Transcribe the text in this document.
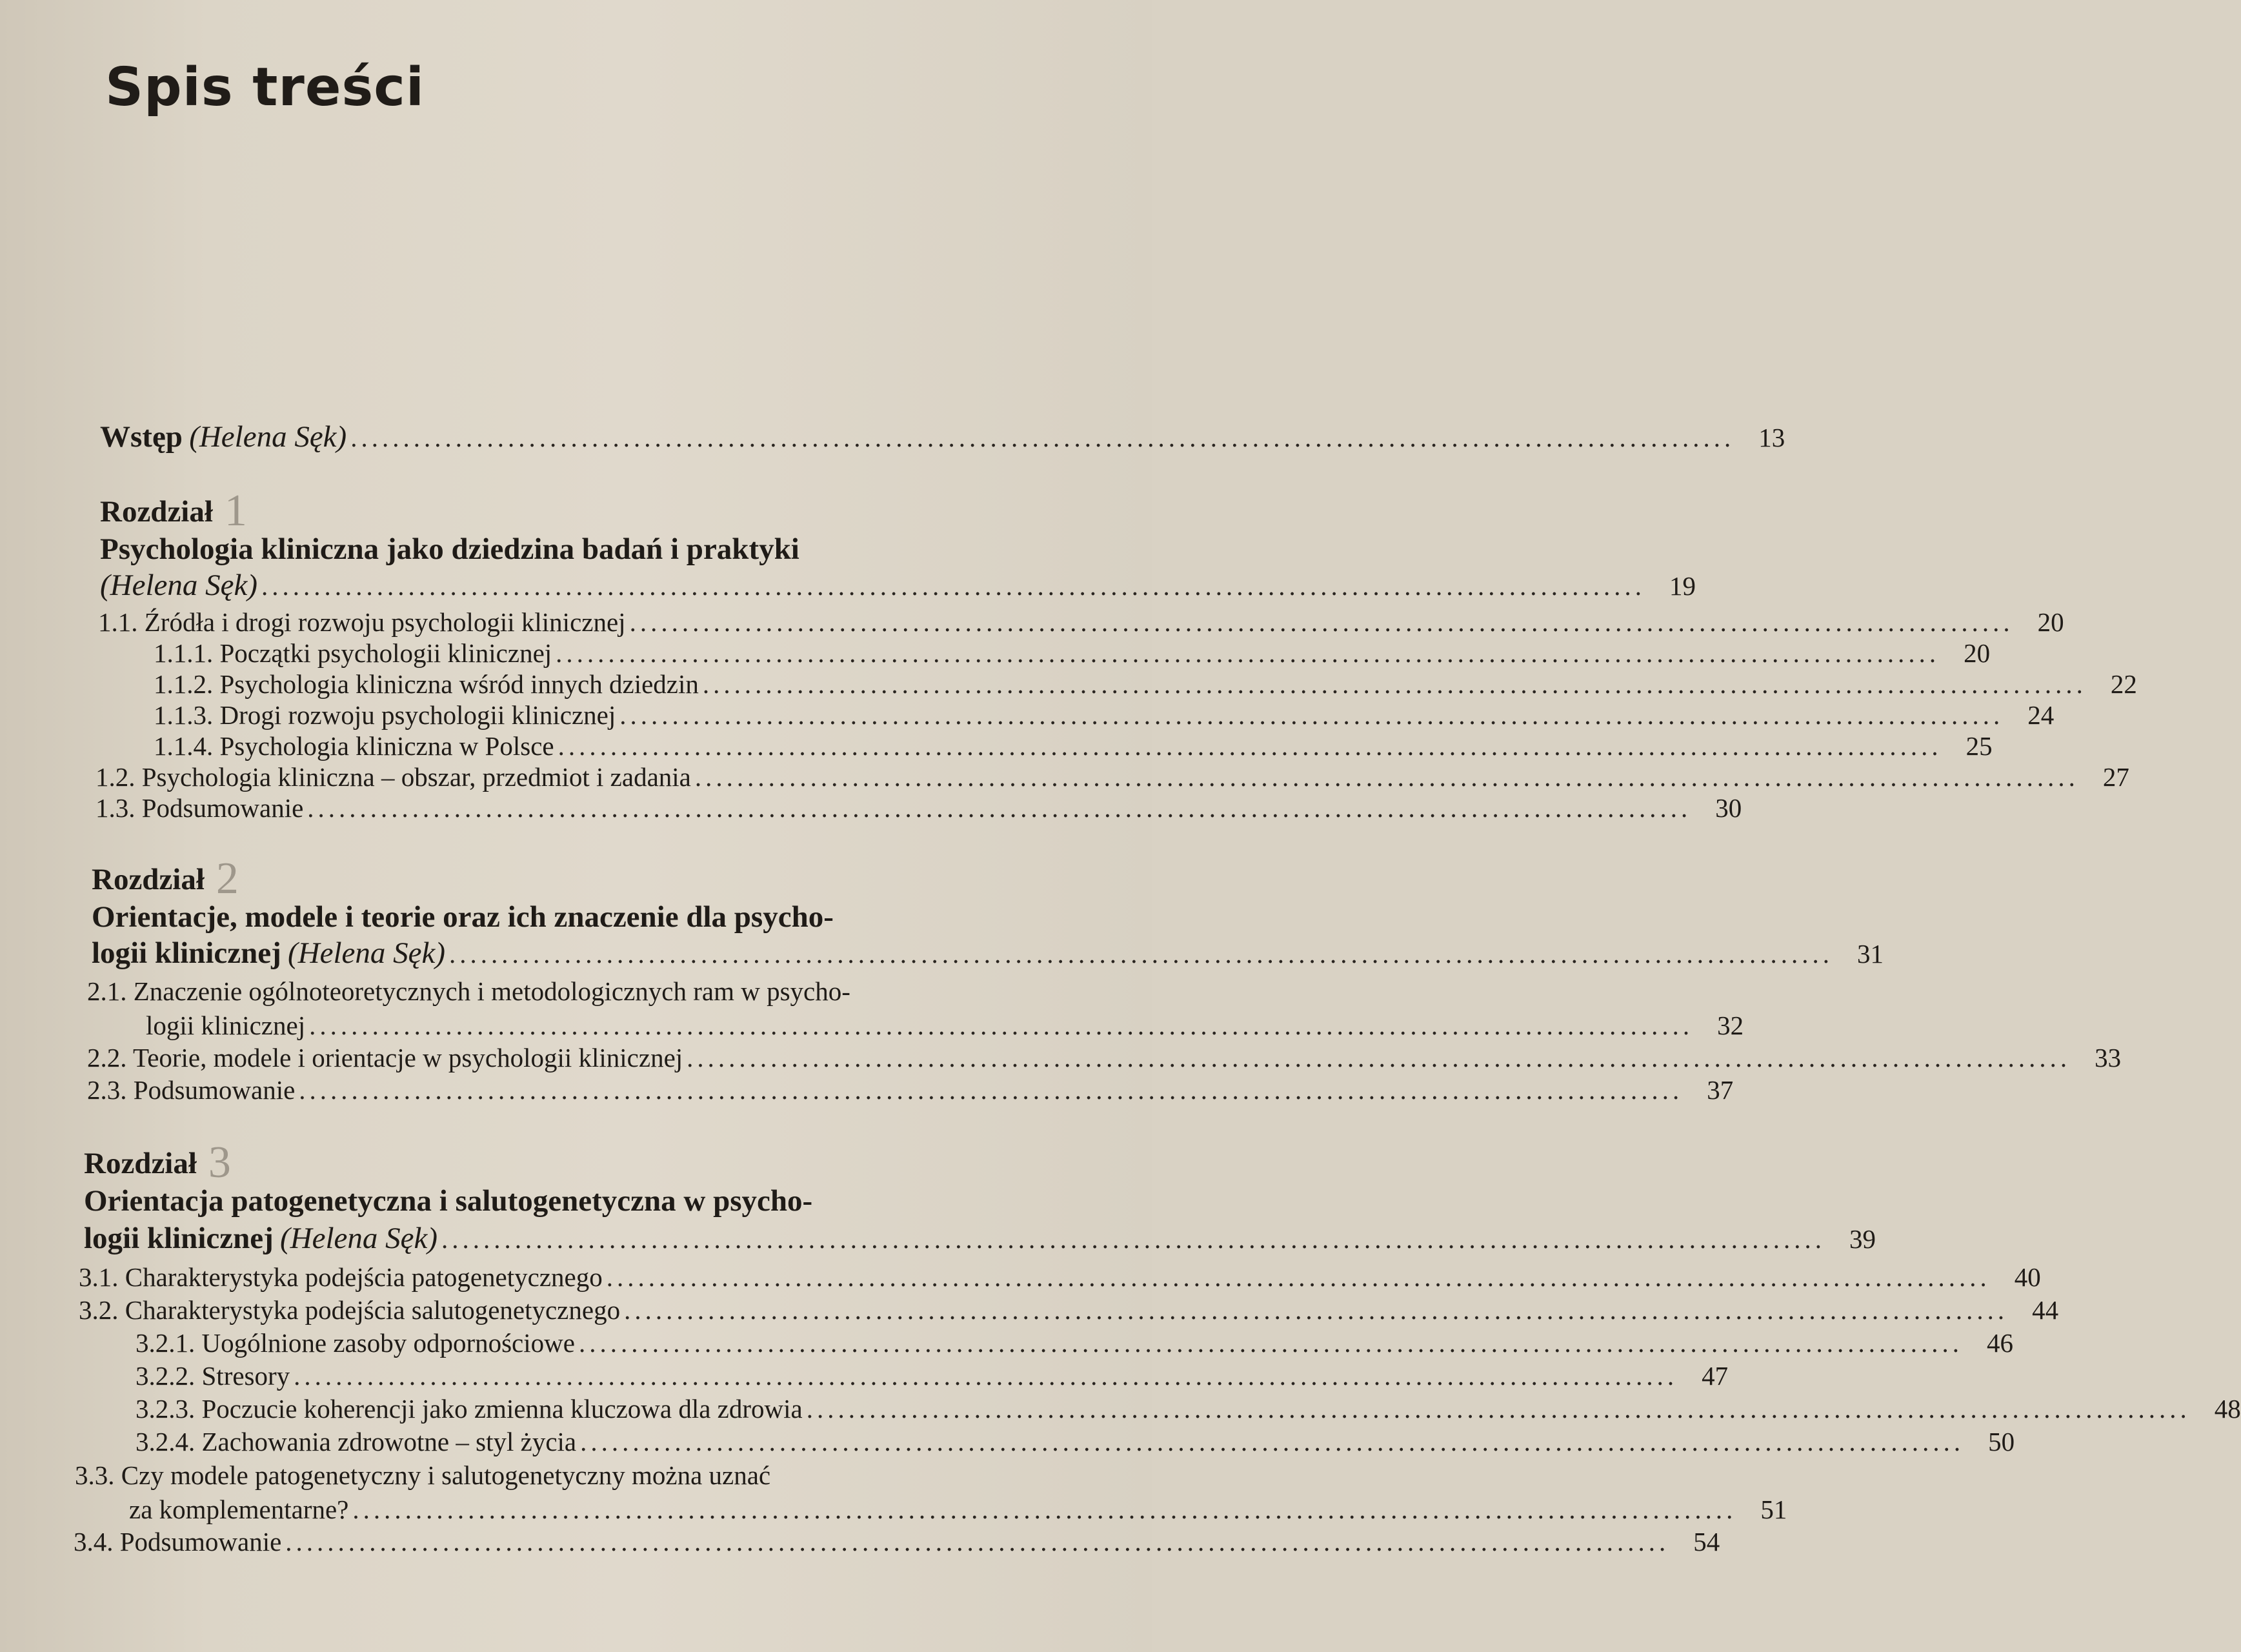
Spis treści
Wstęp (Helena Sęk) .................................................................................................................................... 13
Rozdział 1
Psychologia kliniczna jako dziedzina badań i praktyki
(Helena Sęk) .................................................................................................................................... 19
1.1. Źródła i drogi rozwoju psychologii klinicznej .................................................................................................................................... 20
1.1.1. Początki psychologii klinicznej .................................................................................................................................... 20
1.1.2. Psychologia kliniczna wśród innych dziedzin .................................................................................................................................... 22
1.1.3. Drogi rozwoju psychologii klinicznej .................................................................................................................................... 24
1.1.4. Psychologia kliniczna w Polsce .................................................................................................................................... 25
1.2. Psychologia kliniczna – obszar, przedmiot i zadania .................................................................................................................................... 27
1.3. Podsumowanie .................................................................................................................................... 30
Rozdział 2
Orientacje, modele i teorie oraz ich znaczenie dla psycho-
logii klinicznej (Helena Sęk) .................................................................................................................................... 31
2.1. Znaczenie ogólnoteoretycznych i metodologicznych ram w psycho-
logii klinicznej .................................................................................................................................... 32
2.2. Teorie, modele i orientacje w psychologii klinicznej .................................................................................................................................... 33
2.3. Podsumowanie .................................................................................................................................... 37
Rozdział 3
Orientacja patogenetyczna i salutogenetyczna w psycho-
logii klinicznej (Helena Sęk) .................................................................................................................................... 39
3.1. Charakterystyka podejścia patogenetycznego .................................................................................................................................... 40
3.2. Charakterystyka podejścia salutogenetycznego .................................................................................................................................... 44
3.2.1. Uogólnione zasoby odpornościowe .................................................................................................................................... 46
3.2.2. Stresory .................................................................................................................................... 47
3.2.3. Poczucie koherencji jako zmienna kluczowa dla zdrowia .................................................................................................................................... 48
3.2.4. Zachowania zdrowotne – styl życia .................................................................................................................................... 50
3.3. Czy modele patogenetyczny i salutogenetyczny można uznać
za komplementarne? .................................................................................................................................... 51
3.4. Podsumowanie .................................................................................................................................... 54
